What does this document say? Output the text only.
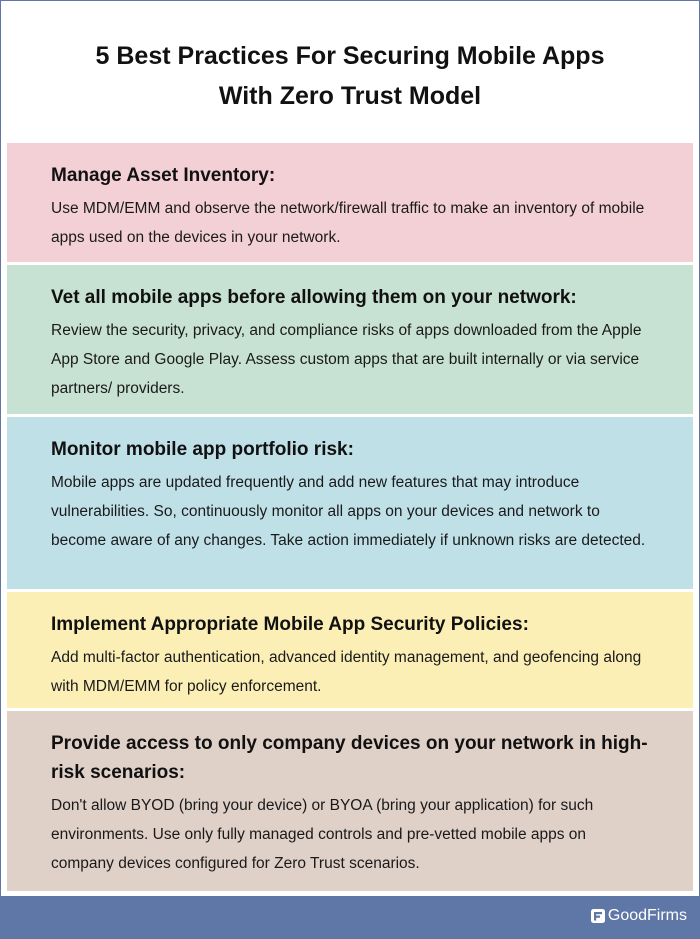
5 Best Practices For Securing Mobile Apps
With Zero Trust Model
Manage Asset Inventory:

Use MDM/EMM and observe the network/firewall traffic to make an inventory of mobile apps used on the devices in your network.

Vet all mobile apps before allowing them on your network:

Review the security, privacy, and compliance risks of apps downloaded from the Apple App Store and Google Play. Assess custom apps that are built internally or via service partners/ providers.

Monitor mobile app portfolio risk:

Mobile apps are updated frequently and add new features that may introduce vulnerabilities. So, continuously monitor all apps on your devices and network to become aware of any changes. Take action immediately if unknown risks are detected.

Implement Appropriate Mobile App Security Policies:

Add multi-factor authentication, advanced identity management, and geofencing along with MDM/EMM for policy enforcement.

Provide access to only company devices on your network in high-risk scenarios:

Don't allow BYOD (bring your device) or BYOA (bring your application) for such environments. Use only fully managed controls and pre-vetted mobile apps on company devices configured for Zero Trust scenarios.

GoodFirms
